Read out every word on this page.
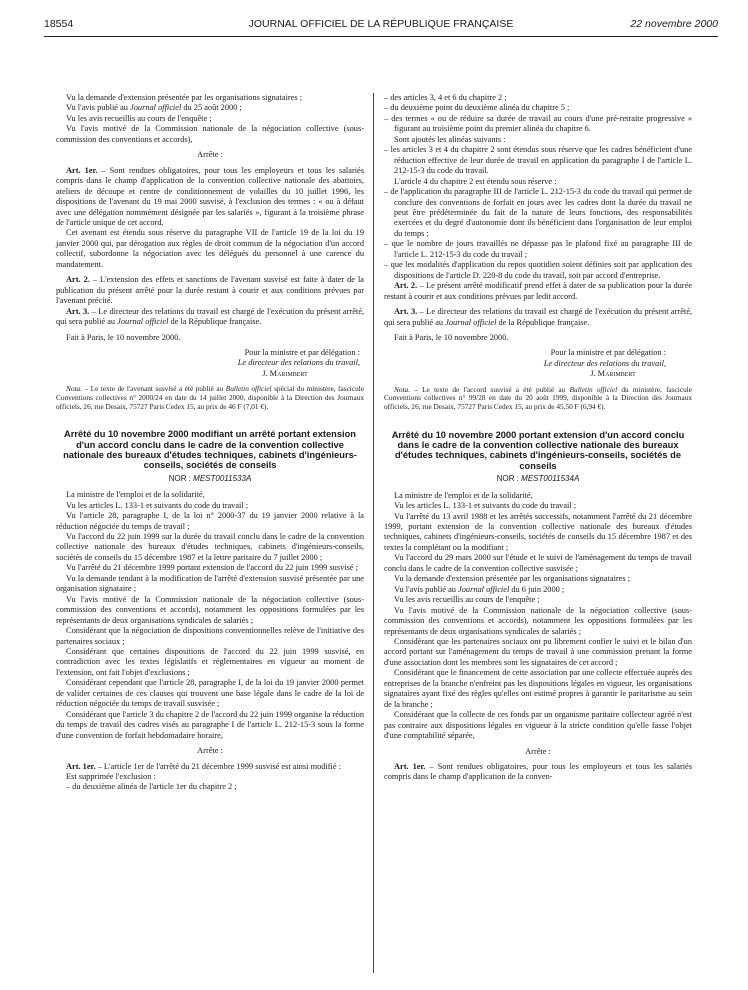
18554	JOURNAL OFFICIEL DE LA RÉPUBLIQUE FRANÇAISE	22 novembre 2000

Vu la demande d'extension présentée par les organisations signataires ;

Vu l'avis publié au Journal officiel du 25 août 2000 ;

Vu les avis recueillis au cours de l'enquête ;

Vu l'avis motivé de la Commission nationale de la négociation collective (sous-commission des conventions et accords),

Arrête :

Art. 1er. – Sont rendues obligatoires, pour tous les employeurs et tous les salariés compris dans le champ d'application de la convention collective nationale des abattoirs, ateliers de découpe et centre de conditionnement de volailles du 10 juillet 1996, les dispositions de l'avenant du 19 mai 2000 susvisé, à l'exclusion des termes : « ou à défaut avec une délégation nommément désignée par les salariés », figurant à la troisième phrase de l'article unique de cet accord.

Cet avenant est étendu sous réserve du paragraphe VII de l'article 19 de la loi du 19 janvier 2000 qui, par dérogation aux règles de droit commun de la négociation d'un accord collectif, subordonne la négociation avec les délégués du personnel à une carence du mandatement.

Art. 2. – L'extension des effets et sanctions de l'avenant susvisé est faite à dater de la publication du présent arrêté pour la durée restant à courir et aux conditions prévues par l'avenant précité.

Art. 3. – Le directeur des relations du travail est chargé de l'exécution du présent arrêté, qui sera publié au Journal officiel de la République française.

Fait à Paris, le 10 novembre 2000.

Pour la ministre et par délégation :

Le directeur des relations du travail,

J. Marimbert

Nota. – Le texte de l'avenant susvisé a été publié au Bulletin officiel spécial du ministère, fascicule Conventions collectives n° 2000/24 en date du 14 juillet 2000, disponible à la Direction des Journaux officiels, 26, rue Desaix, 75727 Paris Cedex 15, au prix de 46 F (7,01 €).

Arrêté du 10 novembre 2000 modifiant un arrêté portant extension d'un accord conclu dans le cadre de la convention collective nationale des bureaux d'études techniques, cabinets d'ingénieurs-conseils, sociétés de conseils

NOR : MEST0011533A

La ministre de l'emploi et de la solidarité,

Vu les articles L. 133-1 et suivants du code du travail ;

Vu l'article 28, paragraphe I, de la loi n° 2000-37 du 19 janvier 2000 relative à la réduction négociée du temps de travail ;

Vu l'accord du 22 juin 1999 sur la durée du travail conclu dans le cadre de la convention collective nationale des bureaux d'études techniques, cabinets d'ingénieurs-conseils, sociétés de conseils du 15 décembre 1987 et la lettre paritaire du 7 juillet 2000 ;

Vu l'arrêté du 21 décembre 1999 portant extension de l'accord du 22 juin 1999 susvisé ;

Vu la demande tendant à la modification de l'arrêté d'extension susvisé présentée par une organisation signataire ;

Vu l'avis motivé de la Commission nationale de la négociation collective (sous-commission des conventions et accords), notamment les oppositions formulées par les représentants de deux organisations syndicales de salariés ;

Considérant que la négociation de dispositions conventionnelles relève de l'initiative des partenaires sociaux ;

Considérant que certaines dispositions de l'accord du 22 juin 1999 susvisé, en contradiction avec les textes législatifs et réglementaires en vigueur au moment de l'extension, ont fait l'objet d'exclusions ;

Considérant cependant que l'article 28, paragraphe I, de la loi du 19 janvier 2000 permet de valider certaines de ces clauses qui trouvent une base légale dans le cadre de la loi de réduction négociée du temps de travail susvisée ;

Considérant que l'article 3 du chapitre 2 de l'accord du 22 juin 1999 organise la réduction du temps de travail des cadres visés au paragraphe I de l'article L. 212-15-3 sous la forme d'une convention de forfait hebdomadaire horaire,

Arrête :

Art. 1er. – L'article 1er de l'arrêté du 21 décembre 1999 susvisé est ainsi modifié :

Est supprimée l'exclusion :

– du deuxième alinéa de l'article 1er du chapitre 2 ;

– des articles 3, 4 et 6 du chapitre 2 ;

– du deuxième point du deuxième alinéa du chapitre 5 ;

– des termes « ou de réduire sa durée de travail au cours d'une pré-retraite progressive » figurant au troisième point du premier alinéa du chapitre 6.

Sont ajoutés les alinéas suivants :

– les articles 3 et 4 du chapitre 2 sont étendus sous réserve que les cadres bénéficient d'une réduction effective de leur durée de travail en application du paragraphe I de l'article L. 212-15-3 du code du travail.

L'article 4 du chapitre 2 est étendu sous réserve :

– de l'application du paragraphe III de l'article L. 212-15-3 du code du travail qui permet de conclure des conventions de forfait en jours avec les cadres dont la durée du travail ne peut être prédéterminée du fait de la nature de leurs fonctions, des responsabilités exercées et du degré d'autonomie dont ils bénéficient dans l'organisation de leur emploi du temps ;

– que le nombre de jours travaillés ne dépasse pas le plafond fixé au paragraphe III de l'article L. 212-15-3 du code du travail ;

– que les modalités d'application du repos quotidien soient définies soit par application des dispositions de l'article D. 220-8 du code du travail, soit par accord d'entreprise.

Art. 2. – Le présent arrêté modificatif prend effet à dater de sa publication pour la durée restant à courir et aux conditions prévues par ledit accord.

Art. 3. – Le directeur des relations du travail est chargé de l'exécution du présent arrêté, qui sera publié au Journal officiel de la République française.

Fait à Paris, le 10 novembre 2000.

Pour la ministre et par délégation :

Le directeur des relations du travail,

J. Marimbert

Nota. – Le texte de l'accord susvisé a été publié au Bulletin officiel du ministère, fascicule Conventions collectives n° 99/28 en date du 20 août 1999, disponible à la Direction des Journaux officiels, 26, rue Desaix, 75727 Paris Cedex 15, au prix de 45,50 F (6,94 €).

Arrêté du 10 novembre 2000 portant extension d'un accord conclu dans le cadre de la convention collective nationale des bureaux d'études techniques, cabinets d'ingénieurs-conseils, sociétés de conseils

NOR : MEST0011534A

La ministre de l'emploi et de la solidarité,

Vu les articles L. 133-1 et suivants du code du travail ;

Vu l'arrêté du 13 avril 1988 et les arrêtés successifs, notamment l'arrêté du 21 décembre 1999, portant extension de la convention collective nationale des bureaux d'études techniques, cabinets d'ingénieurs-conseils, sociétés de conseils du 15 décembre 1987 et des textes la complétant ou la modifiant ;

Vu l'accord du 29 mars 2000 sur l'étude et le suivi de l'aménagement du temps de travail conclu dans le cadre de la convention collective susvisée ;

Vu la demande d'extension présentée par les organisations signataires ;

Vu l'avis publié au Journal officiel du 6 juin 2000 ;

Vu les avis recueillis au cours de l'enquête ;

Vu l'avis motivé de la Commission nationale de la négociation collective (sous-commission des conventions et accords), notamment les oppositions formulées par les représentants de deux organisations syndicales de salariés ;

Considérant que les partenaires sociaux ont pu librement confier le suivi et le bilan d'un accord portant sur l'aménagement du temps de travail à une commission prenant la forme d'une association dont les membres sont les signataires de cet accord ;

Considérant que le financement de cette association par une collecte effectuée auprès des entreprises de la branche n'enfreint pas les dispositions légales en vigueur, les organisations signataires ayant fixé des règles qu'elles ont estimé propres à garantir le paritarisme au sein de la branche ;

Considérant que la collecte de ces fonds par un organisme paritaire collecteur agréé n'est pas contraire aux dispositions légales en vigueur à la stricte condition qu'elle fasse l'objet d'une comptabilité séparée,

Arrête :

Art. 1er. – Sont rendues obligatoires, pour tous les employeurs et tous les salariés compris dans le champ d'application de la conven-
